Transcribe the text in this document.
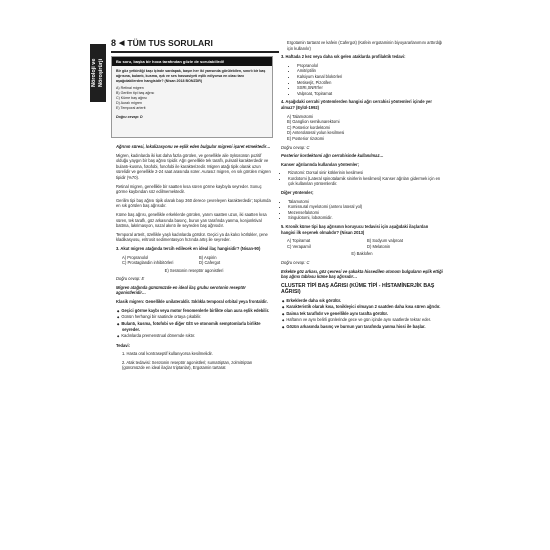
Nöroloji ve Nöroşirürji
8 ◀ TÜM TUS SORULARI
Bu soru, başka bir hoca tarafından gözle de sorulabilirdi!
Bir göz yetkinliği kaşı içinde sardapak, başın her iki yarısında görülebilen, sınırlı bir baş ağrısına, bulantı, kusma, ışık ve ses hassasiyeti eşlik ediyorsa en olası tanı aşağıdakilerden hangisidir? (Nisan 2018 BONZDR)
A) Retinal migren
B) Gerilim tipi baş ağrısı
C) Küme baş ağrısı
D) Auralı migren
E) Temporal arterit
Doğru cevap: D

Ağrının süresi, lokalizasyonu ve eşlik eden bulgular migreni işaret etmektedir…

Migren, kadınlarda iki kat daha fazla görülen, ve genellikle aile öyküsünün pozitif olduğu yaygın bir baş ağrısı tipidir. Ağrı genellikle tek taraflı, pulsatil karakterdedir ve bulantı-kusma, fotofobi, fonofobi ile karakterizedir. Migren atağı tipik olarak uzun sürelidir ve genellikle 2-24 saat arasında sürer. Aurasız migren, en sık görülen migren tipidir (%70).

Retinal migren, genellikle bir saatten kısa süren görme kaybıyla seyreder. Sonuç görme kaybından söz edilmemektedir.

Gerilim tipi baş ağrısı tipik olarak başı 360 derece çevreleyen karakterdedir; toplumda en sık görülen baş ağrısıdır.

Küme baş ağrısı, genellikle erkeklerde görülen, yarım saatten uzun, iki saatten kısa süren, tek taraflı, göz arkasında basınç, burun yarı tarafında yanma, konjonktival battma, lakrimasyon, nazal akıntı ile seyreden baş ağrısıdır.

Temporal arterit, özellikle yaşlı kadınlarda görülür. Geçici ya da kalıcı körlükler, çene kladikasyosu, eritrosit sedimentasyon hızında artış ile seyreder.

3. Akut migren atağında tercih edilecek en ideal ilaç hangisidir? (Nisan-90)

A) Propranolol	B) Aspirin
C) Prostaglandin inhibitörleri	D) Cafergot

E) Seratonin reseptör agonistleri

Doğru cevap: E

Migren atağında günümüzde en ideal ilaç grubu serotonin reseptör agonistleridir…

Klasik migren: Genellikle unilateraldir. Sıklıkla temporal orbital yeya frontaldir.

◆ Geçici görme kaybı veya motor fenomenlerle birlikte olan aura eşlik edebilir.
◆ Günün herhangi bir saatinde ortaya çıkabilir.
◆ Bulantı, kusma, fotofobi ve diğer GİS ve otonomik semptomlarla birlikte seyreder.
◆ Kadınlarda premenstrual dönemde sıktır.

Tedavi:

1. Hasta oral kontraseptif kullanıyorsa kesilmelidir.

2. Atak tedavisi: Serotonin reseptör agonistleri; sumatriptan, zolmitriptan (günümüzde en ideal ilaçlar triptanlar), Ergotamin tartarat

Ergotamin tartarat ve kafein (Cafergot) (Kafein ergotaminin biyoyararlanımını arttırdığı için kullanılır)

3. Haftada 2 kez veya daha sık gelen ataklarda profilaktik tedavi:

• Propranolol
• Amitriptilin
• Kalsiyum kanal blokörleri
• Metiserjit, Pizotifen
• SSRI,SNRI'ler
• Valproat, Topiramat

4. Aşağıdaki cerrahi yöntemlerden hangisi ağrı cerrahisi yöntemleri içinde yer almaz? (Eylül-1992)

A) Talamotomi
B) Ganglion semilunarektomi
C) Posterior kordektomi
D) Anterolateral yolun kesilmesi
E) Posterior rizotomi

Doğru cevap: C

Posterior kordektomi ağrı cerrahisinde kullanılmaz…

Kanser ağrılarında kullanılan yöntemler;

• Rizotomi: Dorsal sinir köklerinin kesilmesi
• Kordotomi (Lateral spinotalamik sinirlerin kesilmesi) Kanser ağrıları gidermek için en çok kullanılan yöntemlerdir.

Diğer yöntemler;

• Talamotomi
• Komissural myelotomi (antero lateral yol)
• Mezensefalotomi
• Singulotomi, lobotomidir.

5. Kronik küme tipi baş ağrısının koruyucu tedavisi için aşağıdaki ilaçlardan hangisi ilk seçenek olmalıdır? (Nisan 2013)

A) Topiramat	B) Sodyum valproat
C) Verapamil	D) Melatonin

E) Baklofen

Doğru cevap: C

Erkekte göz arkası, göz çevresi ve şakakta hissedilen otonom bulguların eşlik ettiği baş ağrısı tablosu küme baş ağrısıdır…

CLUSTER TİPİ BAŞ AĞRISI (KÜME TİPİ - HİSTAMİNERJİK BAŞ AĞRISI)
◆ Erkeklerde daha sık görülür.
◆ Karakteristik olarak kısa, tonikleyici olmayan 2 saatden daha kısa süren ağrıdır.
◆ Daima tek taraflıdır ve genellikle aynı tarafta görülür.
◆ Haftanın ve aynı belirli günlerinde gece ve gün içinde aynı saatlerde tekrar eder.
◆ Gözün arkasında basınç ve burnun yarı tarafında yanma hissi ile başlar.
